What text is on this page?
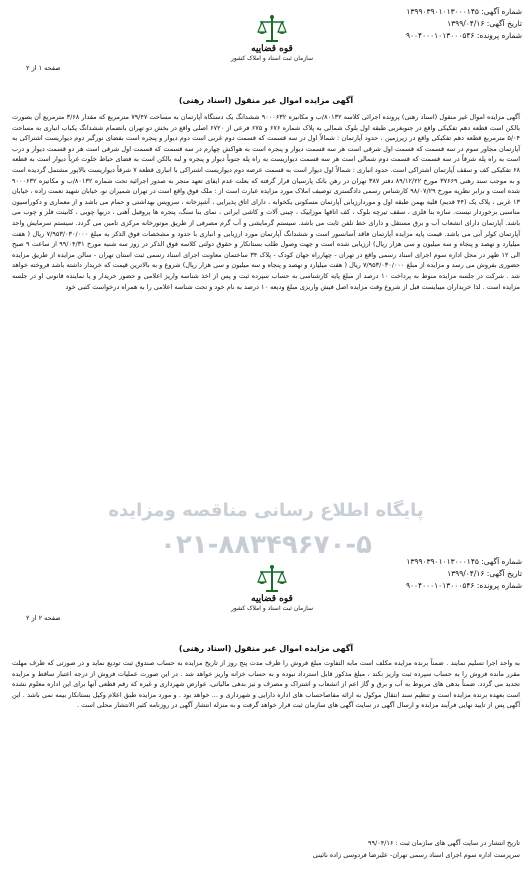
شماره آگهی: ۱۳۹۹۰۳۹۰۱۰۱۳۰۰۰۱۴۵
تاریخ آگهی: ۱۳۹۹/۰۴/۱۶
شماره پرونده: ۹۰۰۴۰۰۰۱۰۱۳۰۰۰۵۴۶
قوه قضاییه
سازمان ثبت اسناد و املاک کشور
صفحه ۱ از ۲
آگهی مزایده اموال غیر منقول (اسناد رهنی)
آگهی مزایده اموال غیر منقول (اسناد رهنی) پرونده اجرائی کلاسه ۸۰۱۳۲/ب و مکانیزه ۹۰۰۰۶۳۲ ششدانگ یک دستگاه آپارتمان به مساحت ۷۹/۴۷ مترمربع که مقدار ۳/۶۸ مترمربع آن بصورت بالکن است قطعه دهم تفکیکی واقع در جنوبغربی طبقه اول بلوک شمالی به پلاک شماره ۶۷۶ و ۶۷۵ فرعی از ۶۷۲۰ اصلی واقع در بخش دو تهران بانضمام ششدانگ یکباب انباری به مساحت ۵/۰۴ مترمربع قطعه دهم تفکیکی واقع در زیرزمین ، حدود آپارتمان : شمالاً اول در سه قسمت که قسمت دوم غربی است دوم دیوار و پنجره است بفضای نورگیر دوم دیواریست اشتراکی به آپارتمان مجاور سوم در سه قسمت که قسمت اول شرقی است هر سه قسمت دیوار و پنجره است به هواکش چهارم در سه قسمت که قسمت اول شرقی است هر دو قسمت دیوار و درب است به راه پله شرقاً در سه قسمت که قسمت دوم شمالی است هر سه قسمت دیواریست به راه پله جنوباً دیوار و پنجره و لبه بالکن است به فضای حیاط خلوت غرباً دیوار است به قطعه ۶۸ تفکیکی کف و سقف آپارتمان اشتراکی است. حدود انباری : شمالاً اول دیوار است به قسمت عرصه دوم دیواریست اشتراکی با انباری قطعه ۷ شرقاً دیواریست بالاپور مشتمل گردیده است و به موجب سند رهنی ۳۷۶۶۹ مورخ ۸۹/۱۲/۲۲ دفتر ۳۸۷ تهران در رهن بانک پارسیان قرار گرفته که بعلت عدم ایفای تعهد منجر به صدور اجرائیه تحت شماره ۸۰۱۳۲/ب و مکانیزه ۹۰۰۰۶۳۲ شده است و برابر نظریه مورخ ۹۸/۰۷/۲۹ کارشناس رسمی دادگستری توصیف املاک مورد مزایده عبارت است از : ملک فوق واقع است در تهران شمیران نو، خیابان شهید نعمت زاده ، خیابان ۱۳ غربی ، پلاک یک (۴۴ قدیم) قلیه بهمن طبقه اول و موردارزیابی آپارتمان مسکونی یکخوابه ، دارای اتاق پذیرایی ، آشپزخانه ، سرویس بهداشتی و حمام می باشد و از معماری و دکوراسیون مناسبی برخوردار نیست. سازه بنا فلزی ، سقف تیرچه بلوک ، کف اتاقها موزاییک ، چینی آلات و کاشی ایرانی ، نمای بنا سنگ، پنجره ها پروفیل آهنی ، دربها چوبی ، کابینت فلز و چوب می باشد. آپارتمان دارای انشعاب آب و برق مستقل و دارای خط تلفن ثابت می باشد. سیستم گرمایشی و آب گرم مصرفی از طریق موتورخانه مرکزی تامین می گردد. سیستم سرمایش واحد آپارتمان کولر آبی می باشد. قیمت پایه مزایده آپارتمان فاقد آسانسور است و ششدانگ آپارتمان مورد ارزیابی و انباری با حدود و مشخصات فوق الذکر به مبلغ ۷/۹۵۳/۰۳۰/۰۰۰ ریال ( هفت میلیارد و نهصد و پنجاه و سه میلیون و سی هزار ریال) ارزیابی شده است و جهت وصول طلب بستانکار و حقوق دولتی کلاسه فوق الذکر در روز سه شنبه مورخ ۹۹/۰۴/۳۱ از ساعت ۹ صبح الی ۱۲ ظهر در محل اداره سوم اجرای اسناد رسمی واقع در تهران - چهارراه جهان کودک - پلاک ۳۴ ساختمان معاونت اجرای اسناد رسمی ثبت استان تهران - سالن مزایده از طریق مزایده حضوری بفروش می رسد و مزایده از مبلغ ۷/۹۵۳/۰۳۰/۰۰۰ ریال ( هفت میلیارد و نهصد و پنجاه و سه میلیون و سی هزار ریال) شروع و به بالاترین قیمت که خریدار داشته باشد فروخته خواهد شد . شرکت در جلسه مزایده منوط به پرداخت ۱۰ درصد از مبلغ پایه کارشناسی به حساب سپرده ثبت و پس از اخذ شناسه واریز اعلامی و حضور خریدار و یا نماینده قانونی او در جلسه مزایده است . لذا خریداران میبایست قبل از شروع وقت مزایده اصل فیش واریزی مبلغ ودیعه ۱۰ درصد به نام خود و تحت شناسه اعلامی را به همراه درخواست کتبی خود
پایگاه اطلاع رسانی مناقصه ومزایده
۰۲۱-۸۸۳۴۹۶۷۰-۵
شماره آگهی: ۱۳۹۹۰۳۹۰۱۰۱۳۰۰۰۱۴۵
تاریخ آگهی: ۱۳۹۹/۰۴/۱۶
شماره پرونده: ۹۰۰۴۰۰۰۱۰۱۳۰۰۰۵۴۶
قوه قضاییه
سازمان ثبت اسناد و املاک کشور
صفحه ۲ از ۲
آگهی مزایده اموال غیر منقول (اسناد رهنی)
به واحد اجرا تسلیم نمایند . ضمناً برنده مزایده مکلف است مابه التفاوت مبلغ فروش را ظرف مدت پنج روز از تاریخ مزایده به حساب صندوق ثبت تودیع نماید و در صورتی که ظرف مهلت مقرر مانده فروش را به حساب سپرده ثبت واریز نکند ، مبلغ مذکور قابل استرداد نبوده و به حساب خزانه واریز خواهد شد . در این صورت عملیات فروش از درجه اعتبار ساقط و مزایده تجدید می گردد. ضمناً بدهی های مربوط به آب و برق و گاز اعم از انشعاب و اشتراک و مصرف و نیز بدهی مالیاتی، عوارض شهرداری و غیره که رقم قطعی آنها برای این اداره معلوم نشده است بعهده برنده مزایده است و تنظیم سند انتقال موکول به ارائه مفاصاحساب های اداره دارایی و شهرداری و ... خواهد بود . و مورد مزایده طبق اعلام وکیل بستانکار بیمه نمی باشد . این آگهی پس از تایید نهایی فرآیند مزایده و ارسال آگهی در سایت آگهی های سازمان ثبت قرار خواهد گرفت و به منزله انتشار آگهی در روزنامه کثیر الانتشار محلی است .
تاریخ انتشار در سایت آگهی های سازمان ثبت : ۹۹/۰۴/۱۶
سرپرست اداره سوم اجرای اسناد رسمی تهران- علیرضا فردوسی زاده نائینی
